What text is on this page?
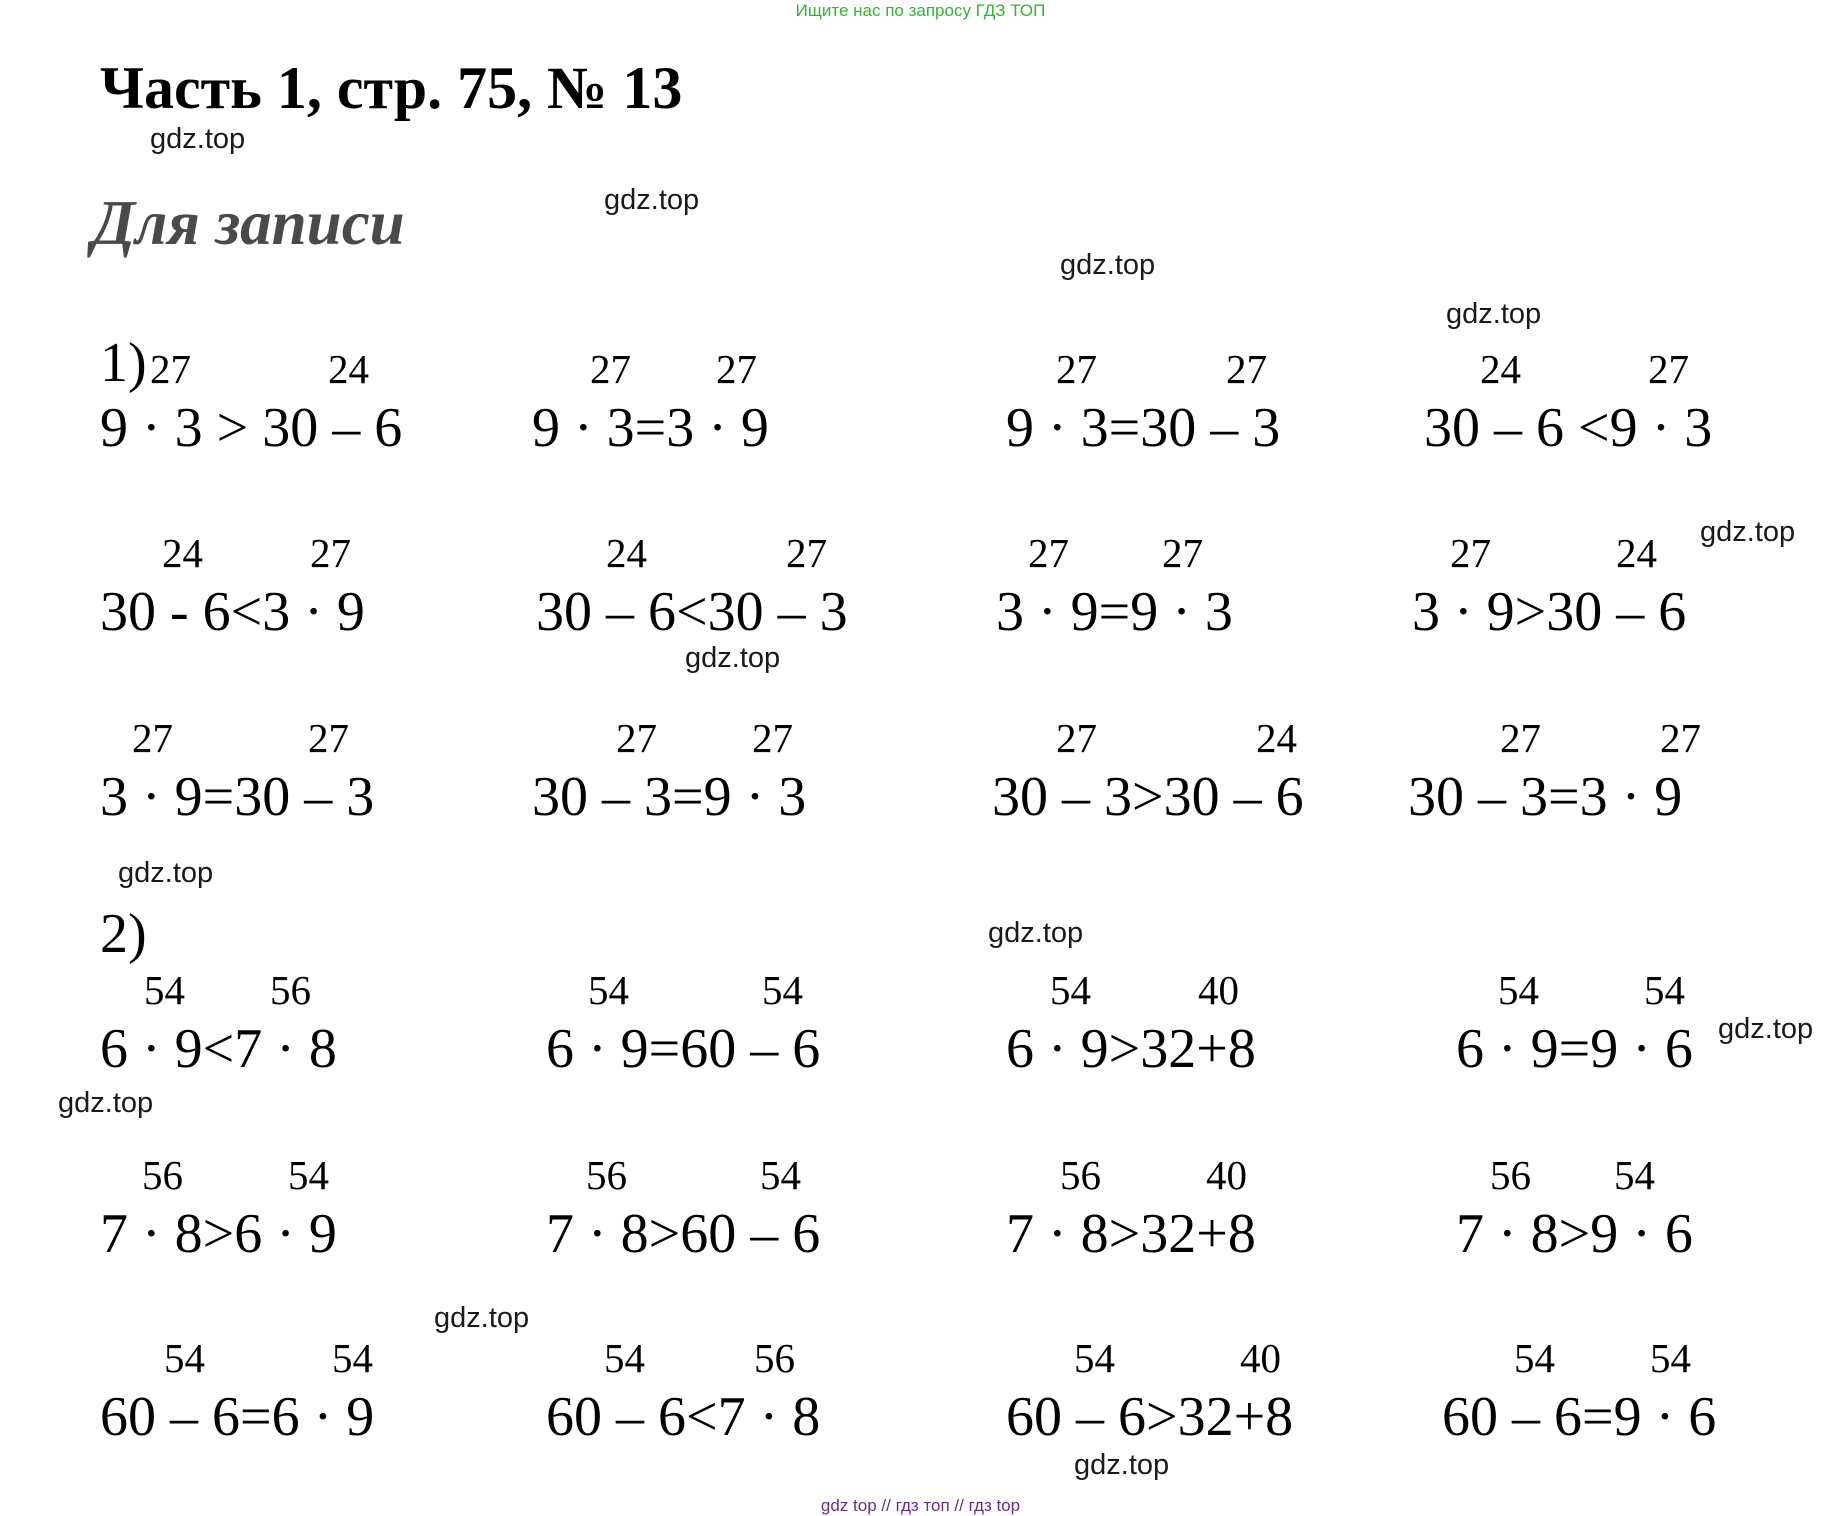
Ищите нас по запросу ГДЗ ТОП
Часть 1, стр. 75, № 13
Для записи
1) 27	24
9 · 3 > 30 – 6
27 27
9 · 3=3 · 9
27	27
9 · 3=30 – 3
24	27
30 – 6 <9 · 3
24	27
30 - 6<3 · 9
24	27
30 – 6<30 – 3
27 27
3 · 9=9 · 3
27	24
3 · 9>30 – 6
27	27
3 · 9=30 – 3
27 27
30 – 3=9 · 3
27	24
30 – 3>30 – 6
27	27
30 – 3=3 · 9
2)
54 56
6 · 9<7 · 8
54	54
6 · 9=60 – 6
54	40
6 · 9>32+8
54	54
6 · 9=9 · 6
56	54
7 · 8>6 · 9
56	54
7 · 8>60 – 6
56	40
7 · 8>32+8
56 54
7 · 8>9 · 6
54	54
60 – 6=6 · 9
54	56
60 – 6<7 · 8
54	40
60 – 6>32+8
54 54
60 – 6=9 · 6
gdz.top
gdz.top
gdz.top
gdz.top
gdz.top
gdz.top
gdz.top
gdz.top
gdz.top
gdz.top
gdz.top
gdz.top
gdz top // гдз топ // гдз top
